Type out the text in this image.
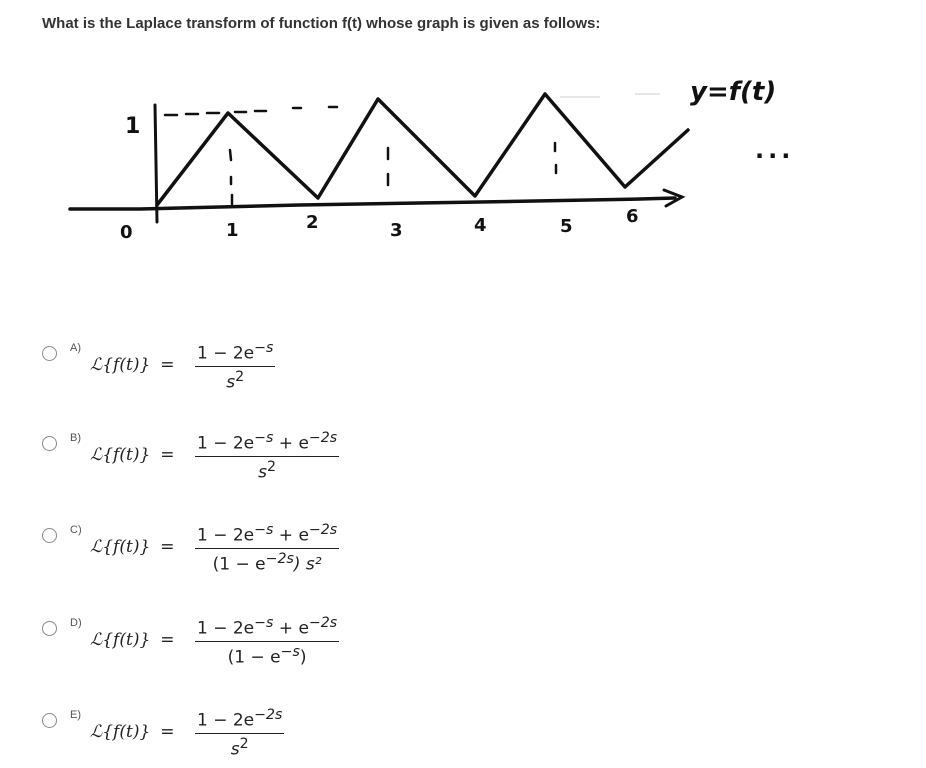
What is the Laplace transform of function f(t) whose graph is given as follows:
1
0	1	2	3	4	5	6
y=f(t)
...
A)
ℒ{f(t)} = $\frac{1 - 2e^{-s}}{s^2}$
B)
ℒ{f(t)} = $\frac{1 - 2e^{-s} + e^{-2s}}{s^2}$
C)
ℒ{f(t)} = $\frac{1 - 2e^{-s} + e^{-2s}}{(1 - e^{-2s}) s^2}$
D)
ℒ{f(t)} = $\frac{1 - 2e^{-s} + e^{-2s}}{(1 - e^{-s})}$
E)
ℒ{f(t)} = $\frac{1 - 2e^{-2s}}{s^2}$
